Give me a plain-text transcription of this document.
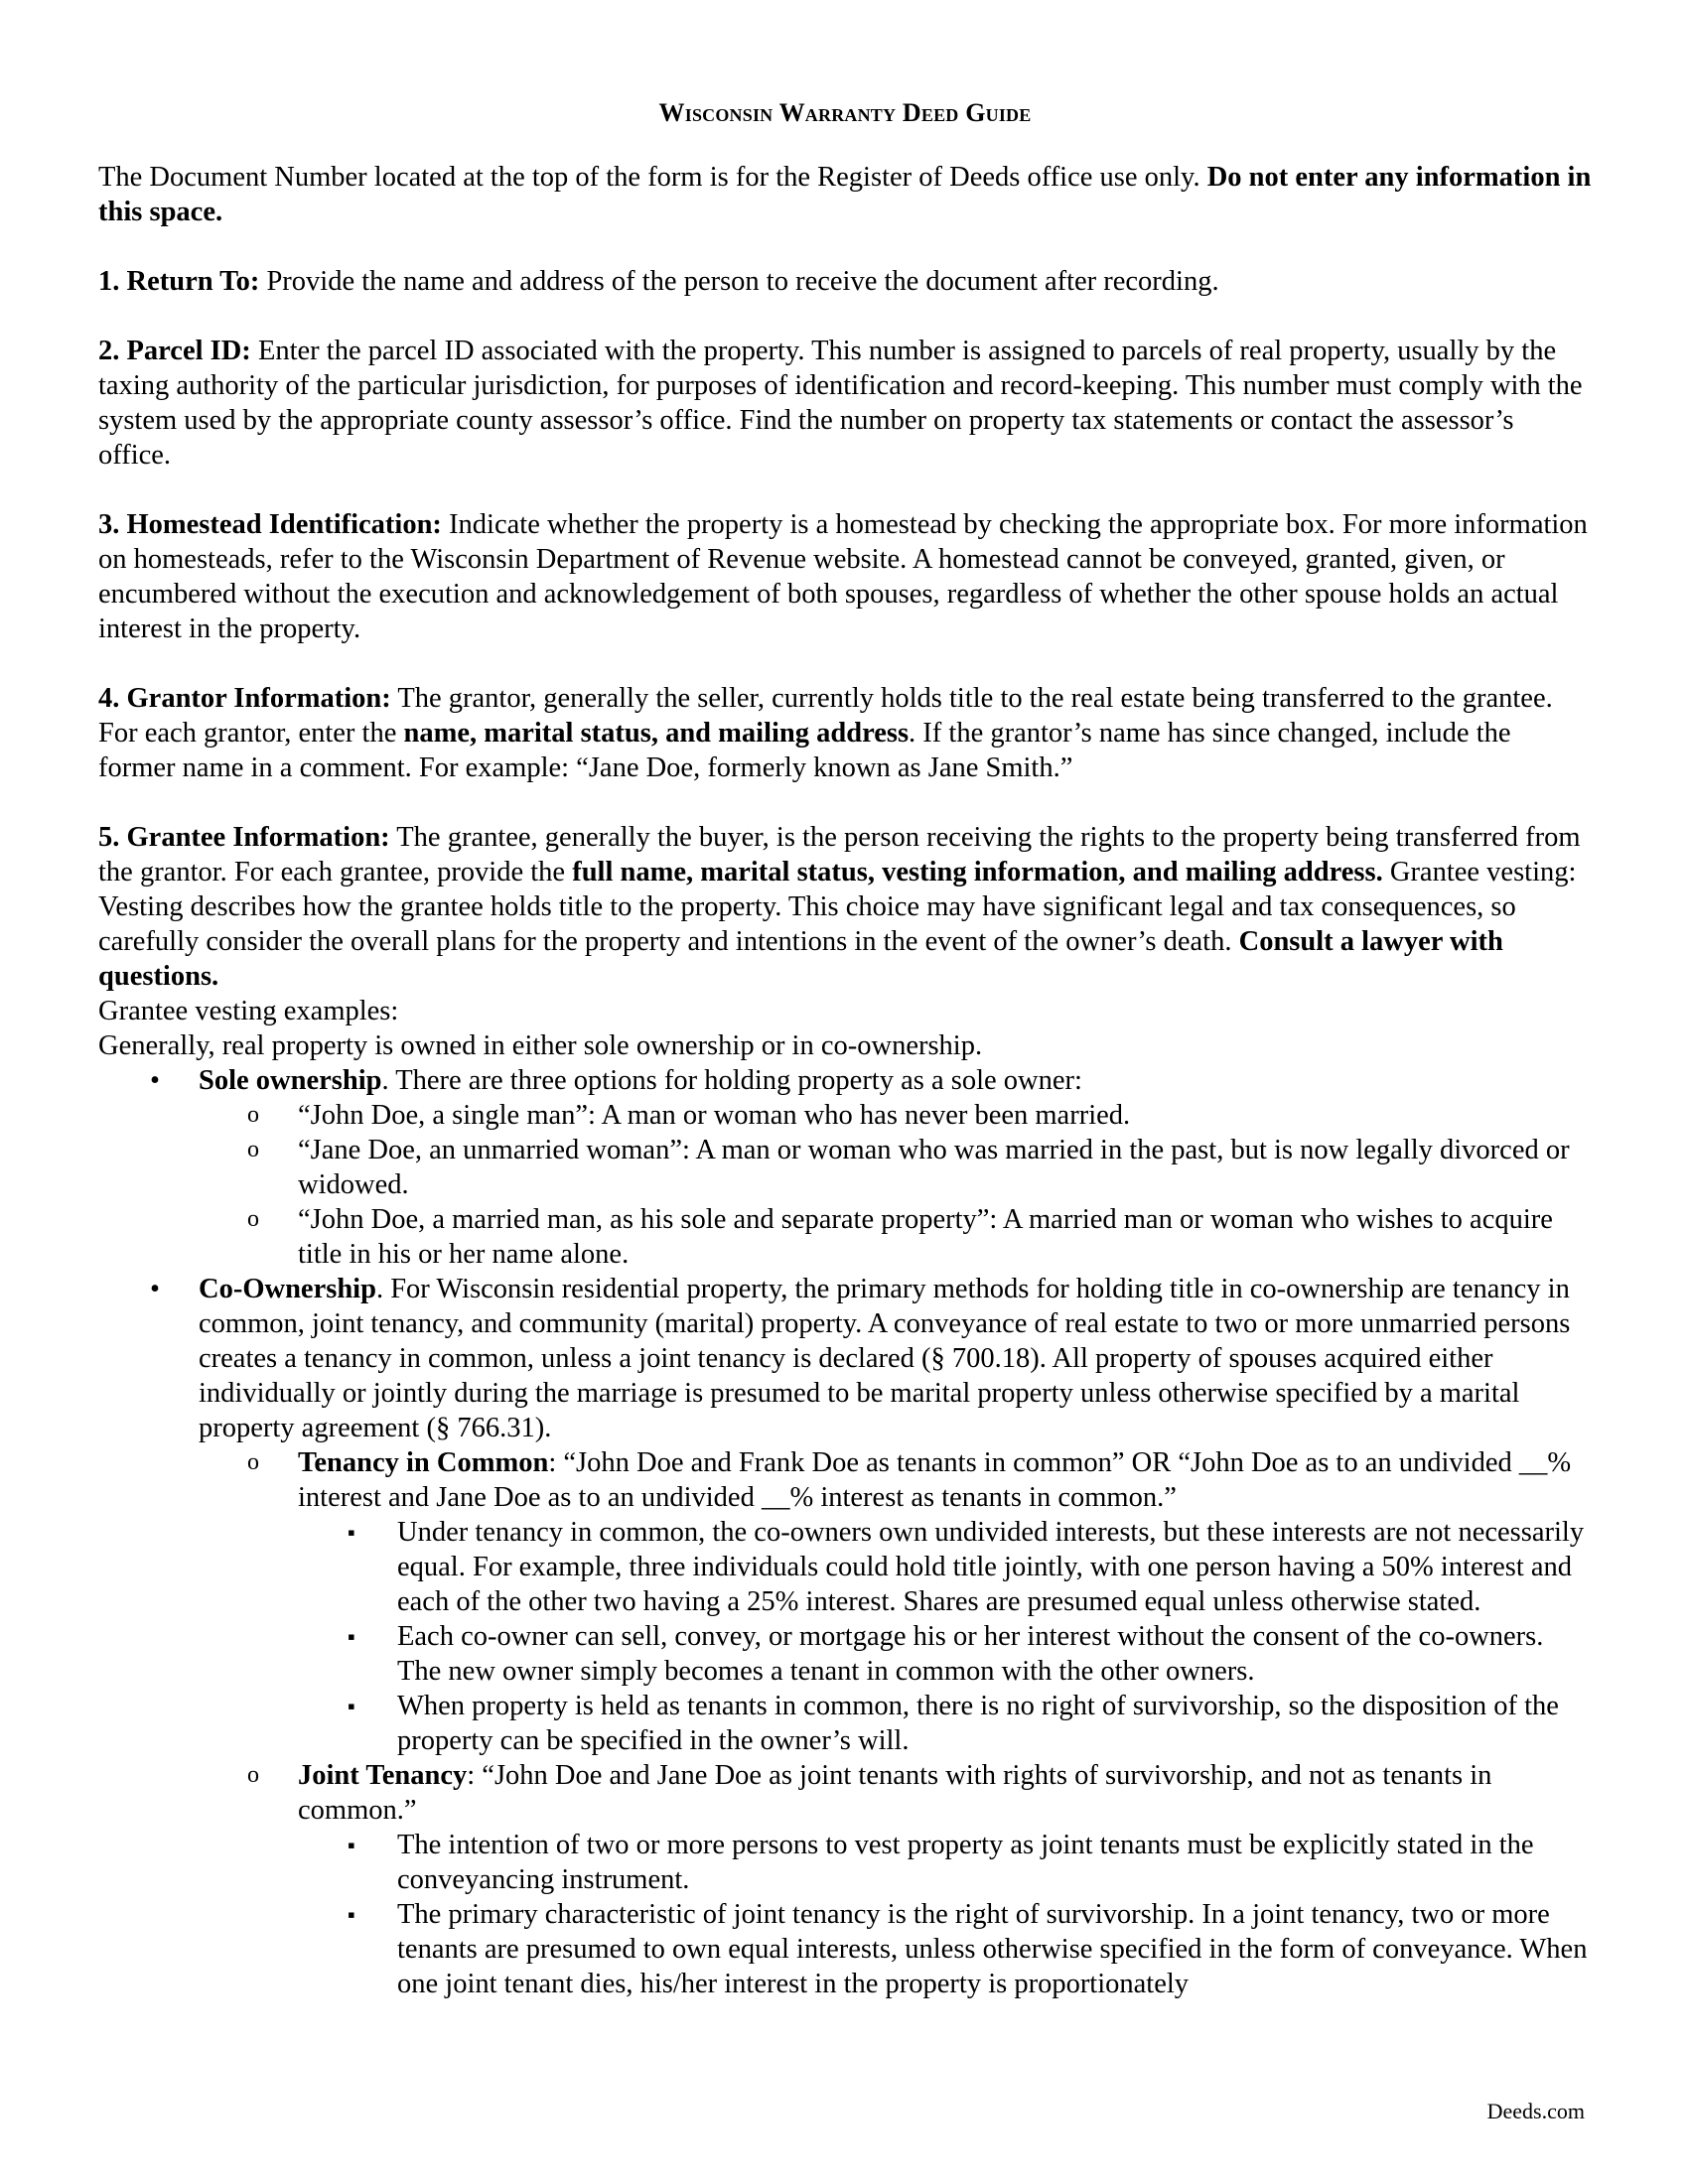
Wisconsin Warranty Deed Guide

The Document Number located at the top of the form is for the Register of Deeds office use only. Do not enter any information in this space.

1. Return To: Provide the name and address of the person to receive the document after recording.

2. Parcel ID: Enter the parcel ID associated with the property. This number is assigned to parcels of real property, usually by the taxing authority of the particular jurisdiction, for purposes of identification and record-keeping. This number must comply with the system used by the appropriate county assessor’s office. Find the number on property tax statements or contact the assessor’s office.

3. Homestead Identification: Indicate whether the property is a homestead by checking the appropriate box. For more information on homesteads, refer to the Wisconsin Department of Revenue website. A homestead cannot be conveyed, granted, given, or encumbered without the execution and acknowledgement of both spouses, regardless of whether the other spouse holds an actual interest in the property.

4. Grantor Information: The grantor, generally the seller, currently holds title to the real estate being transferred to the grantee. For each grantor, enter the name, marital status, and mailing address. If the grantor’s name has since changed, include the former name in a comment. For example: “Jane Doe, formerly known as Jane Smith.”

5. Grantee Information: The grantee, generally the buyer, is the person receiving the rights to the property being transferred from the grantor. For each grantee, provide the full name, marital status, vesting information, and mailing address. Grantee vesting: Vesting describes how the grantee holds title to the property. This choice may have significant legal and tax consequences, so carefully consider the overall plans for the property and intentions in the event of the owner’s death. Consult a lawyer with questions.

Grantee vesting examples:

Generally, real property is owned in either sole ownership or in co-ownership.

• Sole ownership. There are three options for holding property as a sole owner:
o “John Doe, a single man”: A man or woman who has never been married.
o “Jane Doe, an unmarried woman”: A man or woman who was married in the past, but is now legally divorced or widowed.
o “John Doe, a married man, as his sole and separate property”: A married man or woman who wishes to acquire title in his or her name alone.
• Co-Ownership. For Wisconsin residential property, the primary methods for holding title in co-ownership are tenancy in common, joint tenancy, and community (marital) property. A conveyance of real estate to two or more unmarried persons creates a tenancy in common, unless a joint tenancy is declared (§ 700.18). All property of spouses acquired either individually or jointly during the marriage is presumed to be marital property unless otherwise specified by a marital property agreement (§ 766.31).
o Tenancy in Common: “John Doe and Frank Doe as tenants in common” OR “John Doe as to an undivided __% interest and Jane Doe as to an undivided __% interest as tenants in common.”
▪ Under tenancy in common, the co-owners own undivided interests, but these interests are not necessarily equal. For example, three individuals could hold title jointly, with one person having a 50% interest and each of the other two having a 25% interest. Shares are presumed equal unless otherwise stated.
▪ Each co-owner can sell, convey, or mortgage his or her interest without the consent of the co-owners. The new owner simply becomes a tenant in common with the other owners.
▪ When property is held as tenants in common, there is no right of survivorship, so the disposition of the property can be specified in the owner’s will.
o Joint Tenancy: “John Doe and Jane Doe as joint tenants with rights of survivorship, and not as tenants in common.”
▪ The intention of two or more persons to vest property as joint tenants must be explicitly stated in the conveyancing instrument.
▪ The primary characteristic of joint tenancy is the right of survivorship. In a joint tenancy, two or more tenants are presumed to own equal interests, unless otherwise specified in the form of conveyance. When one joint tenant dies, his/her interest in the property is proportionately
Deeds.com
